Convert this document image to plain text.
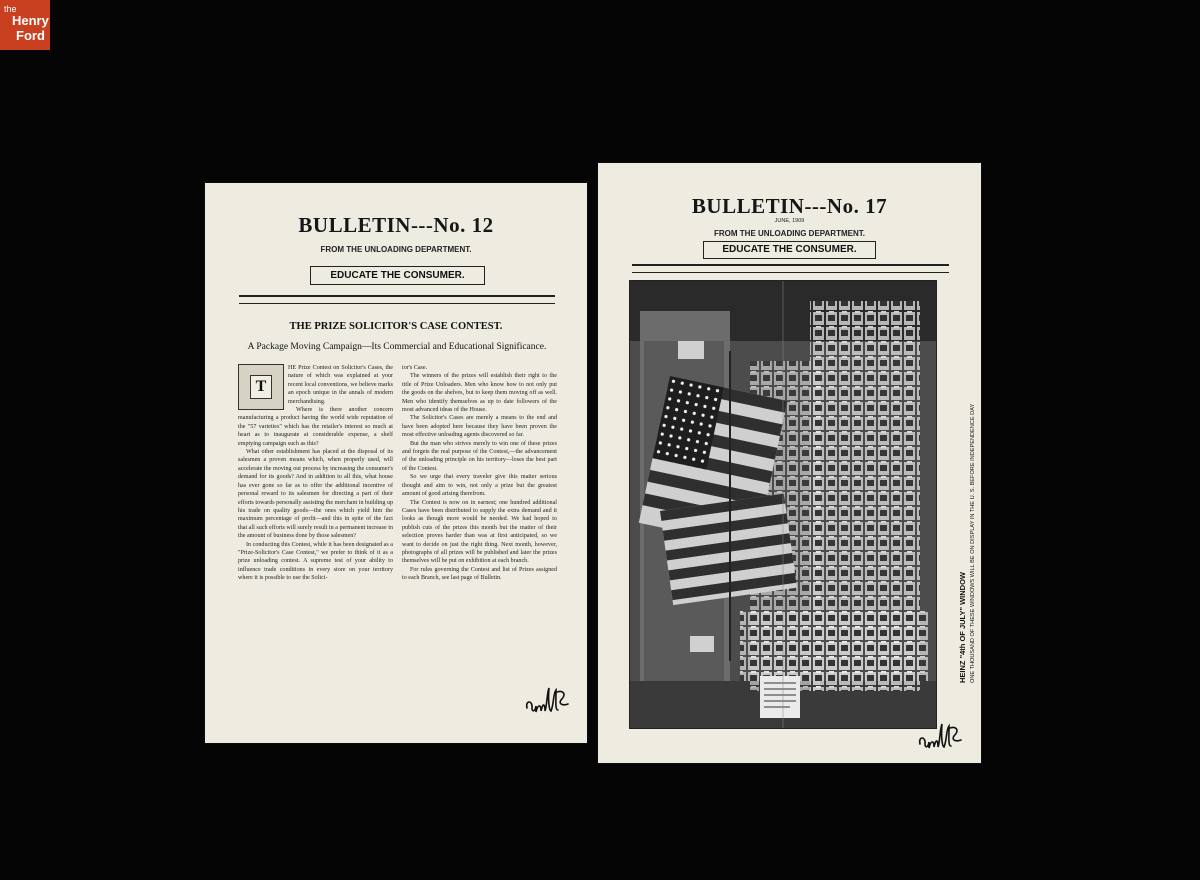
the
Henry
Ford
BULLETIN---No. 12
FROM THE UNLOADING DEPARTMENT.
EDUCATE THE CONSUMER.
THE PRIZE SOLICITOR'S CASE CONTEST.
A Package Moving Campaign—Its Commercial and Educational Significance.
T

HE Prize Contest on Solicitor's Cases, the nature of which was explained at your recent local conventions, we believe marks an epoch unique in the annals of modern merchandising.

Where is there another concern manufacturing a product having the world wide reputation of the "57 varieties" which has the retailer's interest so much at heart as to inaugurate at considerable expense, a shelf emptying campaign such as this?

What other establishment has placed at the disposal of its salesmen a proven means which, when properly used, will accelerate the moving out process by increasing the consumer's demand for its goods? And in addition to all this, what house has ever gone so far as to offer the additional incentive of personal reward to its salesmen for directing a part of their efforts towards personally assisting the merchant in building up his trade on quality goods—the ones which yield him the maximum percentage of profit—and this in spite of the fact that all such efforts will surely result in a permanent increase in the amount of business done by those salesmen?

In conducting this Contest, while it has been designated as a "Prize-Solicitor's Case Contest," we prefer to think of it as a prize unloading contest. A supreme test of your ability to influence trade conditions in every store on your territory where it is possible to use the Solici-

tor's Case.

The winners of the prizes will establish their right to the title of Prize Unloaders. Men who know how to not only put the goods on the shelves, but to keep them moving off as well. Men who identify themselves as up to date followers of the most advanced ideas of the House.

The Solicitor's Cases are merely a means to the end and have been adopted here because they have been proven the most effective unloading agents discovered so far.

But the man who strives merely to win one of these prizes and forgets the real purpose of the Contest,—the advancement of the unloading principle on his territory—loses the best part of the Contest.

So we urge that every traveler give this matter serious thought and aim to win, not only a prize but the greatest amount of good arising therefrom.

The Contest is now on in earnest; one hundred additional Cases have been distributed to supply the extra demand and it looks as though more would be needed. We had hoped to publish cuts of the prizes this month but the matter of their selection proves harder than was at first anticipated, so we want to decide on just the right thing. Next month, however, photographs of all prizes will be published and later the prizes themselves will be put on exhibition at each branch.

For rules governing the Contest and list of Prizes assigned to each Branch, see last page of Bulletin.

BULLETIN---No. 17
JUNE, 1909
FROM THE UNLOADING DEPARTMENT.
EDUCATE THE CONSUMER.
HEINZ "4th OF JULY" WINDOW ONE THOUSAND OF THESE WINDOWS WILL BE ON DISPLAY IN THE U. S. BEFORE INDEPENDENCE DAY
